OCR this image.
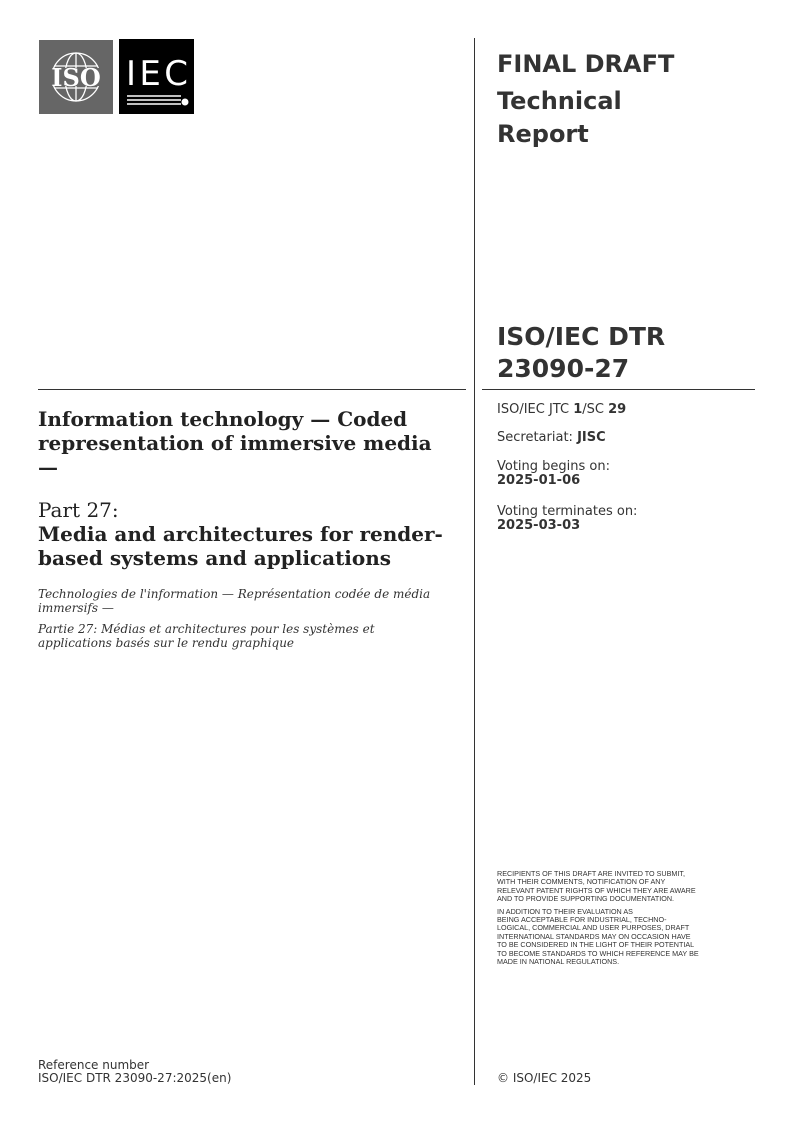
ISO IEC	FINAL DRAFT
Technical
Report
ISO/IEC DTR
23090-27
Information technology — Coded representation of immersive media —
Part 27:
Media and architectures for render-based systems and applications
Technologies de l'information — Représentation codée de média immersifs —
Partie 27: Médias et architectures pour les systèmes et applications basés sur le rendu graphique
ISO/IEC JTC 1/SC 29
Secretariat: JISC
Voting begins on:
2025-01-06
Voting terminates on:
2025-03-03
RECIPIENTS OF THIS DRAFT ARE INVITED TO SUBMIT,
WITH THEIR COMMENTS, NOTIFICATION OF ANY
RELEVANT PATENT RIGHTS OF WHICH THEY ARE AWARE
AND TO PROVIDE SUPPORTING DOCUMENTATION.
IN ADDITION TO THEIR EVALUATION AS
BEING ACCEPTABLE FOR INDUSTRIAL, TECHNO-
LOGICAL, COMMERCIAL AND USER PURPOSES, DRAFT
INTERNATIONAL STANDARDS MAY ON OCCASION HAVE
TO BE CONSIDERED IN THE LIGHT OF THEIR POTENTIAL
TO BECOME STANDARDS TO WHICH REFERENCE MAY BE
MADE IN NATIONAL REGULATIONS.
Reference number
ISO/IEC DTR 23090-27:2025(en)	© ISO/IEC 2025
